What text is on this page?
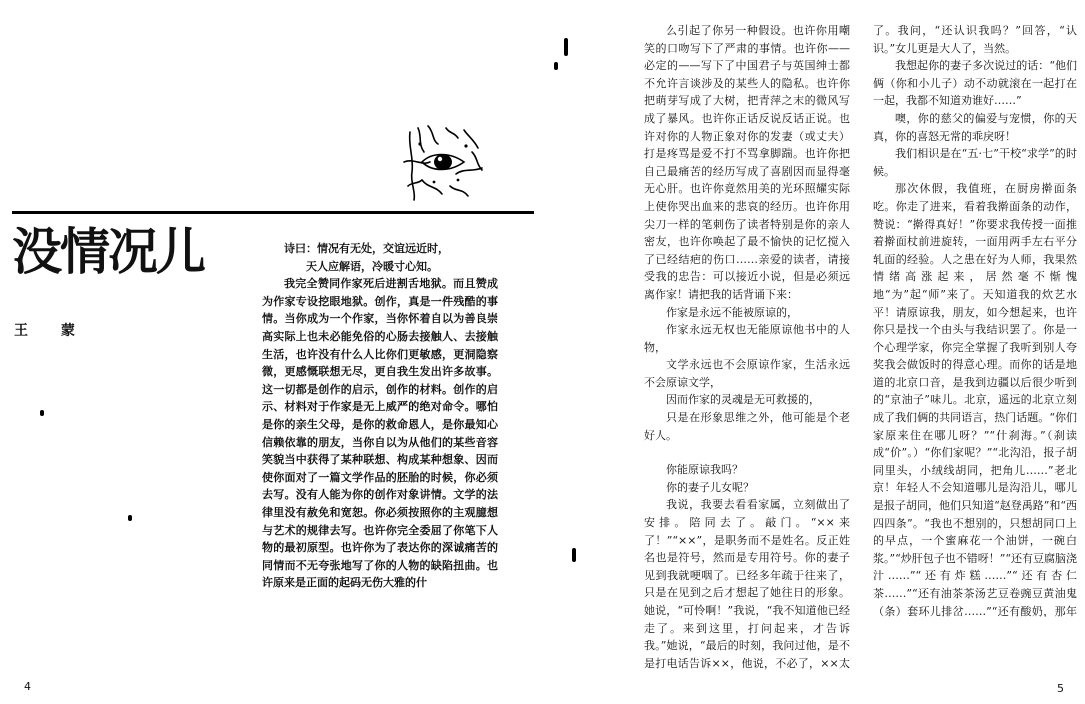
没情况儿
王 蒙

诗曰：情况有无处，交谊远近时，

天人应解语，冷暖寸心知。

我完全赞同作家死后进割舌地狱。而且赞成为作家专设挖眼地狱。创作，真是一件残酷的事情。当你成为一个作家，当你怀着自以为善良崇高实际上也未必能免俗的心肠去接触人、去接触生活，也许没有什么人比你们更敏感，更洞隐察微，更感慨联想无尽，更自我生发出许多故事。这一切都是创作的启示，创作的材料。创作的启示、材料对于作家是无上威严的绝对命令。哪怕是你的亲生父母，是你的救命恩人，是你最知心信赖依靠的朋友，当你自以为从他们的某些音容笑貌当中获得了某种联想、构成某种想象、因而使你面对了一篇文学作品的胚胎的时候，你必须去写。没有人能为你的创作对象讲情。文学的法律里没有赦免和宽恕。你必须按照你的主观臆想与艺术的规律去写。也许你完全委屈了你笔下人物的最初原型。也许你为了表达你的深诚痛苦的同情而不无夸张地写了你的人物的缺陷扭曲。也许原来是正面的起码无伤大雅的什

4

么引起了你另一种假设。也许你用嘲笑的口吻写下了严肃的事情。也许你——必定的——写下了中国君子与英国绅士都不允许言谈涉及的某些人的隐私。也许你把萌芽写成了大树，把青萍之末的微风写成了暴风。也许你正话反说反话正说。也许对你的人物正象对你的发妻（或丈夫）打是疼骂是爱不打不骂拿脚踹。也许你把自己最痛苦的经历写成了喜剧因而显得毫无心肝。也许你竟然用美的光环照耀实际上使你哭出血来的悲哀的经历。也许你用尖刀一样的笔刺伤了读者特别是你的亲人密友，也许你唤起了最不愉快的记忆搅入了已经结疤的伤口……亲爱的读者，请接受我的忠告：可以接近小说，但是必须远离作家！请把我的话背诵下来：

作家是永远不能被原谅的，

作家永远无权也无能原谅他书中的人物，

文学永远也不会原谅作家，生活永远不会原谅文学，

因而作家的灵魂是无可救援的，

只是在形象思维之外，他可能是个老好人。

你能原谅我吗？

你的妻子儿女呢？

我说，我要去看看家属，立刻做出了安排。陪同去了。敲门。“××来了！”“××”，是职务而不是姓名。反正姓名也是符号，然而是专用符号。你的妻子见到我就哽咽了。已经多年疏于往来了，只是在见到之后才想起了她往日的形象。她说，“可怜啊！”我说，“我不知道他已经走了。来到这里，打问起来，才告诉我。”她说，“最后的时刻，我问过他，是不是打电话告诉××，他说，不必了，××太

了。我问，“还认识我吗？”回答，“认识。”女儿更是大人了，当然。

我想起你的妻子多次说过的话：“他们俩（你和小儿子）动不动就滚在一起打在一起，我都不知道劝谁好……”

噢，你的慈父的偏爱与宠惯，你的天真，你的喜怒无常的乖戾呀！

我们相识是在“五·七”干校“求学”的时候。

那次休假，我值班，在厨房擀面条吃。你走了进来，看着我擀面条的动作，赞说：“擀得真好！”你要求我传授一面推着擀面杖前进旋转，一面用两手左右平分轧面的经验。人之患在好为人师，我果然情绪高涨起来，居然毫不惭愧地“为”起“师”来了。天知道我的炊艺水平！请原谅我，朋友，如今想起来，也许你只是找一个由头与我结识罢了。你是一个心理学家，你完全掌握了我听到别人夸奖我会做饭时的得意心理。而你的话是地道的北京口音，是我到边疆以后很少听到的“京油子”味儿。北京，遥远的北京立刻成了我们俩的共同语言，热门话题。“你们家原来住在哪儿呀？”“什刹海。”（刹读成“价”。）“你们家呢？”“北沟沿，报子胡同里头，小绒线胡同，把角儿……”老北京！年轻人不会知道哪儿是沟沿儿，哪儿是报子胡同，他们只知道“赵登禹路”和“西四四条”。“我也不想别的，只想胡同口上的早点，一个蜜麻花一个油饼，一碗白浆。”“炒肝包子也不错呀！”“还有豆腐脑浇汁……”“还有炸糕……”“还有杏仁茶……”“还有油茶茶汤艺豆卷豌豆黄油鬼（条）套环儿排岔……”“还有酸奶，那年

5
